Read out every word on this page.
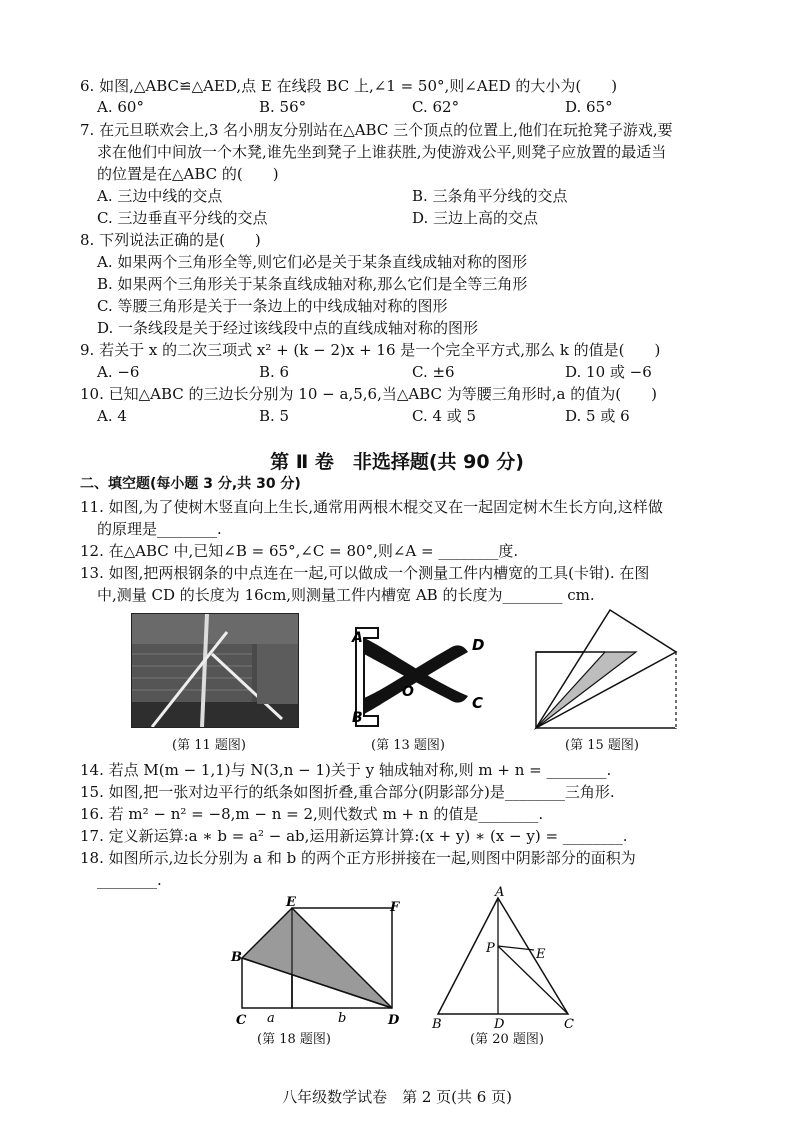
6. 如图,△ABC≌△AED,点 E 在线段 BC 上,∠1 = 50°,则∠AED 的大小为(　　)
A. 60°	B. 56°	C. 62°	D. 65°
7. 在元旦联欢会上,3 名小朋友分别站在△ABC 三个顶点的位置上,他们在玩抢凳子游戏,要
求在他们中间放一个木凳,谁先坐到凳子上谁获胜,为使游戏公平,则凳子应放置的最适当
的位置是在△ABC 的(　　)
A. 三边中线的交点	B. 三条角平分线的交点
C. 三边垂直平分线的交点	D. 三边上高的交点
8. 下列说法正确的是(　　)
A. 如果两个三角形全等,则它们必是关于某条直线成轴对称的图形
B. 如果两个三角形关于某条直线成轴对称,那么它们是全等三角形
C. 等腰三角形是关于一条边上的中线成轴对称的图形
D. 一条线段是关于经过该线段中点的直线成轴对称的图形
9. 若关于 x 的二次三项式 x² + (k − 2)x + 16 是一个完全平方式,那么 k 的值是(　　)
A. −6	B. 6	C. ±6	D. 10 或 −6
10. 已知△ABC 的三边长分别为 10 − a,5,6,当△ABC 为等腰三角形时,a 的值为(　　)
A. 4	B. 5	C. 4 或 5	D. 5 或 6
第 Ⅱ 卷　非选择题(共 90 分)
二、填空题(每小题 3 分,共 30 分)
11. 如图,为了使树木竖直向上生长,通常用两根木棍交叉在一起固定树木生长方向,这样做
的原理是________.
12. 在△ABC 中,已知∠B = 65°,∠C = 80°,则∠A = ________度.
13. 如图,把两根钢条的中点连在一起,可以做成一个测量工件内槽宽的工具(卡钳). 在图
中,测量 CD 的长度为 16cm,则测量工件内槽宽 AB 的长度为________ cm.
A
B
D
C
O
(第 11 题图)	(第 13 题图)	(第 15 题图)
14. 若点 M(m − 1,1)与 N(3,n − 1)关于 y 轴成轴对称,则 m + n = ________.
15. 如图,把一张对边平行的纸条如图折叠,重合部分(阴影部分)是________三角形.
16. 若 m² − n² = −8,m − n = 2,则代数式 m + n 的值是________.
17. 定义新运算:a ∗ b = a² − ab,运用新运算计算:(x + y) ∗ (x − y) = ________.
18. 如图所示,边长分别为 a 和 b 的两个正方形拼接在一起,则图中阴影部分的面积为
________.
E	F
B
C	D
a	b
A
P	E
B	D	C
(第 18 题图)	(第 20 题图)
八年级数学试卷　第 2 页(共 6 页)
